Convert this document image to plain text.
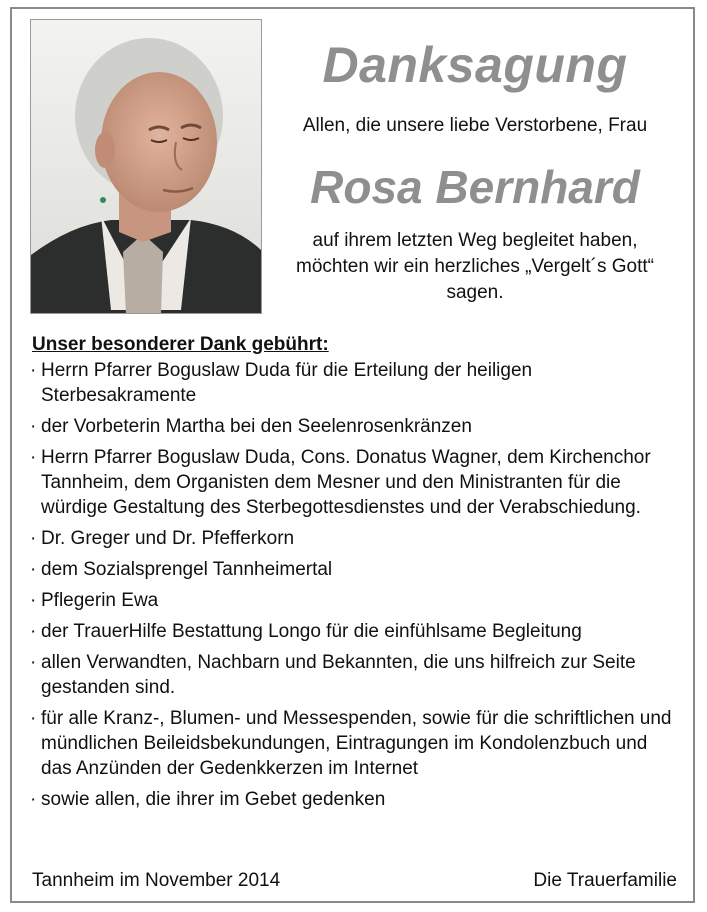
Danksagung
Allen, die unsere liebe Verstorbene, Frau
Rosa Bernhard
auf ihrem letzten Weg begleitet haben, möchten wir ein herzliches „Vergelt´s Gott“ sagen.
Unser besonderer Dank gebührt:
· Herrn Pfarrer Boguslaw Duda für die Erteilung der heiligen Sterbesakramente
· der Vorbeterin Martha bei den Seelenrosenkränzen
· Herrn Pfarrer Boguslaw Duda, Cons. Donatus Wagner, dem Kirchenchor Tannheim, dem Organisten dem Mesner und den Ministranten für die würdige Gestaltung des Sterbegottesdienstes und der Verabschiedung.
· Dr. Greger und Dr. Pfefferkorn
· dem Sozialsprengel Tannheimertal
· Pflegerin Ewa
· der TrauerHilfe Bestattung Longo für die einfühlsame Begleitung
· allen Verwandten, Nachbarn und Bekannten, die uns hilfreich zur Seite gestanden sind.
· für alle Kranz-, Blumen- und Messespenden, sowie für die schriftlichen und mündlichen Beileidsbekundungen, Eintragungen im Kondolenzbuch und das Anzünden der Gedenkkerzen im Internet
· sowie allen, die ihrer im Gebet gedenken
Tannheim im November 2014	Die Trauerfamilie
